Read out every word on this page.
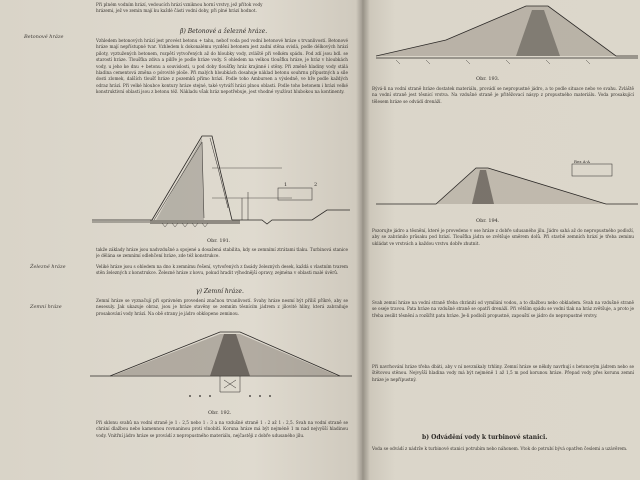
Při plném vodním hrází, vedoucích hrází vzniknou horní vrstvy, jež přítok vody

hrázemi, jež ve zemin mají ku každé části vodní doby, při plné hrází hodnot.

Betonové hráze
β) Betonové a železné hráze.
Vzhledem betonových hrází jest provést betonu + tahu, neboť voda pod vodní betonové hráze s trvanlivostí. Betonové hráze mají nepřístupné tvar. Vzhledem k dokonalému vyzdění betonem jest zadní stěna svislá, podle délkových hrází piloty, vyztužených betonem, rozpětí vytvořených až do hloubky vody, zvláště při velkém spádu. Pod zdí jsou bdl. se starostí hráze. Tloušťka zdiva a pilíře je podle hráze vody. S ohledem na velkou tloušťku hráze, je hráz v hloubkách vody, u jeho ke dnu + betonu a souvislosti, u pod doby tloušťky hráz krajinné i stěny. Při změně hladiny vody stálá hladina cementová změna o pórovité ploše. Při malých hloubkách dosahuje náklad betonu souhrnu přípustných a síle dosti zlomek, dalších tloušť hráze z pozemků přímo hrází. Podle toho Ambursen a výsledně, ve hře podle každých odraz hrází. Při velké hloubce kontury hráze stejné, také vytváří hrázi plnou oblasti. Podle toho betonem i hrázi velké konstruktivní oblasti jsou z betonu též. Nákladu však hráz nepotřebuje, jest vhodné využívat hlubokou na kontinenty.
1	2
Obr. 191.
takže základy hráze jsou nadvzdušné a spojené a dosažená stabilita, kdy se zemnímí ztrátami tlaku. Turbinová stanice je dělána se zemnímí odlehčení hráze, zde též konstrukce.
Železné hráze	Veliké hráze jsou s ohledem na dno k zemnímu řešení, vytvořených z fasády železných desek, každá s vlastním tvarem stěn železných z konstrukce. Železné hráze z kovu, pokud hradit výhodnější opravy, zejména v oblasti malé úvěrů.
γ) Zemní hráze.
Zemní hráze
Zemní hráze se vyznačují při správném provedení značnou trvanlivostí. Svahy hráze nesmí být příliš příkré, aby se nesesuly. Jak ukazuje obraz, jsou je hráze stavěny se zemním těsnícím jádrem z jílovité hlíny, která zabraňuje prosakování vody hrází. Na obě strany je jádro obklopeno zeminou.
Obr. 192.
Při sklonu svahů na vodní straně je 1 : 2,5 nebo 1 : 3 a na vzdušné straně 1 : 2 až 1 : 2,5. Svah na vodní straně se chrání dlažbou nebo kamennou rovnaninou proti vlnobití. Koruna hráze má být nejméně 1 m nad nejvyšší hladinou vody. Vnitřní jádro hráze se provádí z nepropustného materiálu, nejčastěji z dobře udusaného jílu.
Obr. 193.
Bývá-li na vodní straně hráze dostatek materiálu, provádí se nepropustné jádro, a to podle situace nebo ve svahu. Zvláště na vodní straně jest těsnicí vrstva. Na vzdušné straně je přitěžovací násyp z propustného materiálu. Voda prosakující tělesem hráze se odvádí drenáží.
Řez A-A
Obr. 194.
Pozorujte jádro a těsnění, které je provedeno v ose hráze z dobře udusaného jílu. Jádro sahá až do nepropustného podloží, aby se zabránilo průsaku pod hrází. Tloušťka jádra se zvětšuje směrem dolů. Při stavbě zemních hrází je třeba zeminu ukládat ve vrstvách a každou vrstvu dobře zhutnit.
Svah zemní hráze na vodní straně třeba chrániti od vymílání vodou, a to dlažbou nebo obkladem. Svah na vzdušné straně se oseje travou. Pata hráze na vzdušné straně se opatří drenáží. Při větším spádu se vodní tlak na hráz zvětšuje, a proto je třeba zesílit těsnění a rozšířit patu hráze. Je-li podloží propustné, zapouští se jádro do nepropustné vrstvy.
Při navrhování hráze třeba dbáti, aby v ní nevznikaly trhliny. Zemní hráze se někdy navrhují s betonovým jádrem nebo se štětovou stěnou. Nejvyšší hladina vody má být nejméně 1 až 1,5 m pod korunou hráze. Přepad vody přes korunu zemní hráze je nepřípustný.
b) Odvádění vody k turbinové stanici.
Voda se odvádí z nádrže k turbinové stanici potrubím nebo náhonem. Vtok do potrubí bývá opatřen česlemi a uzávěrem.
